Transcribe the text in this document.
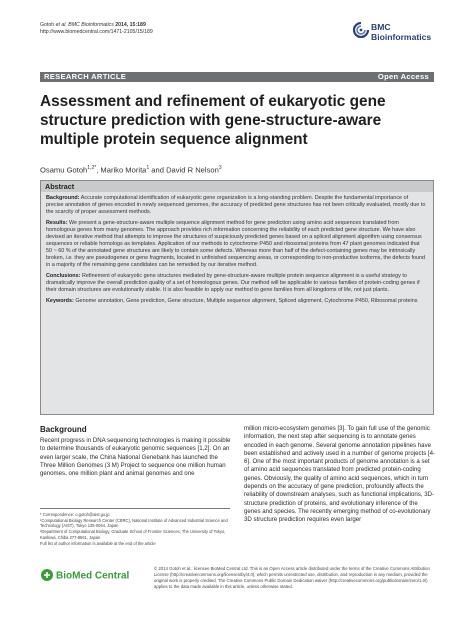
Gotoh et al. BMC Bioinformatics 2014, 15:189
http://www.biomedcentral.com/1471-2105/15/189	BMC
Bioinformatics
RESEARCH ARTICLE	Open Access
Assessment and refinement of eukaryotic gene structure prediction with gene-structure-aware multiple protein sequence alignment
Osamu Gotoh$^{1,2*}$, Mariko Morita$^1$ and David R Nelson$^3$
Abstract

Background: Accurate computational identification of eukaryotic gene organization is a long-standing problem. Despite the fundamental importance of precise annotation of genes encoded in newly sequenced genomes, the accuracy of predicted gene structures has not been critically evaluated, mostly due to the scarcity of proper assessment methods.

Results: We present a gene-structure-aware multiple sequence alignment method for gene prediction using amino acid sequences translated from homologous genes from many genomes. The approach provides rich information concerning the reliability of each predicted gene structure. We have also devised an iterative method that attempts to improve the structures of suspiciously predicted genes based on a spliced alignment algorithm using consensus sequences or reliable homologs as templates. Application of our methods to cytochrome P450 and ribosomal proteins from 47 plant genomes indicated that 50 ~ 60 % of the annotated gene structures are likely to contain some defects. Whereas more than half of the defect-containing genes may be intrinsically broken, i.e. they are pseudogenes or gene fragments, located in unfinished sequencing areas, or corresponding to non-productive isoforms, the defects found in a majority of the remaining gene candidates can be remedied by our iterative method.

Conclusions: Refinement of eukaryotic gene structures mediated by gene-structure-aware multiple protein sequence alignment is a useful strategy to dramatically improve the overall prediction quality of a set of homologous genes. Our method will be applicable to various families of protein-coding genes if their domain structures are evolutionarily stable. It is also feasible to apply our method to gene families from all kingdoms of life, not just plants.

Keywords: Genome annotation, Gene prediction, Gene structure, Multiple sequence alignment, Spliced alignment, Cytochrome P450, Ribosomal proteins

Background

Recent progress in DNA sequencing technologies is making it possible to determine thousands of eukaryotic genomic sequences [1,2]. On an even larger scale, the China National Genebank has launched the Three Million Genomes (3 M) Project to sequence one million human genomes, one million plant and animal genomes and one

million micro-ecosystem genomes [3]. To gain full use of the genomic information, the next step after sequencing is to annotate genes encoded in each genome. Several genome annotation pipelines have been established and actively used in a number of genome projects [4-6]. One of the most important products of genome annotation is a set of amino acid sequences translated from predicted protein-coding genes. Obviously, the quality of amino acid sequences, which in turn depends on the accuracy of gene prediction, profoundly affects the reliability of downstream analyses, such as functional implications, 3D-structure prediction of proteins, and evolutionary inference of the genes and species. The recently emerging method of co-evolutionary 3D structure prediction requires even larger

* Correspondence: o.gotoh@aist.go.jp

¹Computational Biology Research Center (CBRC), National Institute of Advanced Industrial Science and Technology (AIST), Tokyo 135-0064, Japan

²Department of Computational Biology, Graduate School of Frontier Sciences, The University of Tokyo, Kashiwa, Chiba 277-8561, Japan

Full list of author information is available at the end of the article

BioMed Central
© 2014 Gotoh et al.; licensee BioMed Central Ltd. This is an Open Access article distributed under the terms of the Creative Commons Attribution License (http://creativecommons.org/licenses/by/4.0), which permits unrestricted use, distribution, and reproduction in any medium, provided the original work is properly credited. The Creative Commons Public Domain Dedication waiver (http://creativecommons.org/publicdomain/zero/1.0/) applies to the data made available in this article, unless otherwise stated.
